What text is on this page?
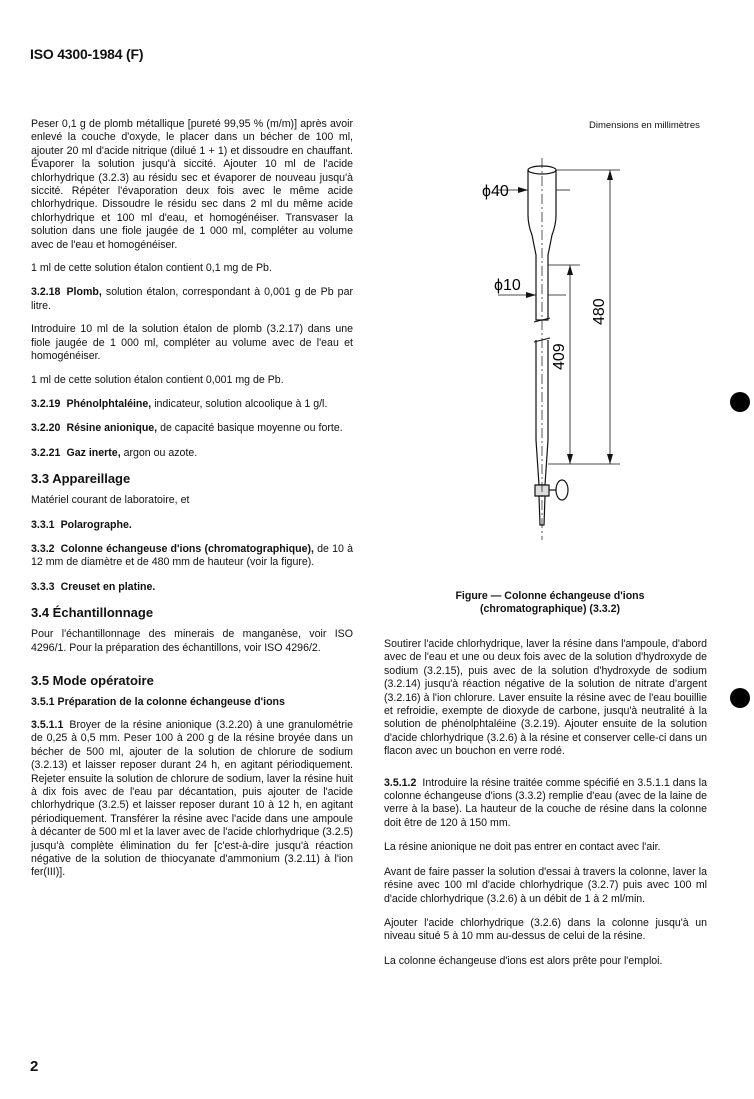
ISO 4300-1984 (F)

Peser 0,1 g de plomb métallique [pureté 99,95 % (m/m)] après avoir enlevé la couche d'oxyde, le placer dans un bécher de 100 ml, ajouter 20 ml d'acide nitrique (dilué 1 + 1) et dissoudre en chauffant. Évaporer la solution jusqu'à siccité. Ajouter 10 ml de l'acide chlorhydrique (3.2.3) au résidu sec et évaporer de nouveau jusqu'à siccité. Répéter l'évaporation deux fois avec le même acide chlorhydrique. Dissoudre le résidu sec dans 2 ml du même acide chlorhydrique et 100 ml d'eau, et homogénéiser. Transvaser la solution dans une fiole jaugée de 1 000 ml, compléter au volume avec de l'eau et homogénéiser.

1 ml de cette solution étalon contient 0,1 mg de Pb.

3.2.18 Plomb, solution étalon, correspondant à 0,001 g de Pb par litre.

Introduire 10 ml de la solution étalon de plomb (3.2.17) dans une fiole jaugée de 1 000 ml, compléter au volume avec de l'eau et homogénéiser.

1 ml de cette solution étalon contient 0,001 mg de Pb.

3.2.19 Phénolphtaléine, indicateur, solution alcoolique à 1 g/l.

3.2.20 Résine anionique, de capacité basique moyenne ou forte.

3.2.21 Gaz inerte, argon ou azote.

3.3 Appareillage

Matériel courant de laboratoire, et

3.3.1 Polarographe.

3.3.2 Colonne échangeuse d'ions (chromatographique), de 10 à 12 mm de diamètre et de 480 mm de hauteur (voir la figure).

3.3.3 Creuset en platine.

3.4 Échantillonnage

Pour l'échantillonnage des minerais de manganèse, voir ISO 4296/1. Pour la préparation des échantillons, voir ISO 4296/2.

3.5 Mode opératoire
3.5.1 Préparation de la colonne échangeuse d'ions

3.5.1.1 Broyer de la résine anionique (3.2.20) à une granulométrie de 0,25 à 0,5 mm. Peser 100 à 200 g de la résine broyée dans un bécher de 500 ml, ajouter de la solution de chlorure de sodium (3.2.13) et laisser reposer durant 24 h, en agitant périodiquement. Rejeter ensuite la solution de chlorure de sodium, laver la résine huit à dix fois avec de l'eau par décantation, puis ajouter de l'acide chlorhydrique (3.2.5) et laisser reposer durant 10 à 12 h, en agitant périodiquement. Transférer la résine avec l'acide dans une ampoule à décanter de 500 ml et la laver avec de l'acide chlorhydrique (3.2.5) jusqu'à complète élimination du fer [c'est-à-dire jusqu'à réaction négative de la solution de thiocyanate d'ammonium (3.2.11) à l'ion fer(III)].

Dimensions en millimètres
ϕ40
ϕ10
480
409
Figure — Colonne échangeuse d'ions
(chromatographique) (3.3.2)

Soutirer l'acide chlorhydrique, laver la résine dans l'ampoule, d'abord avec de l'eau et une ou deux fois avec de la solution d'hydroxyde de sodium (3.2.15), puis avec de la solution d'hydroxyde de sodium (3.2.14) jusqu'à réaction négative de la solution de nitrate d'argent (3.2.16) à l'ion chlorure. Laver ensuite la résine avec de l'eau bouillie et refroidie, exempte de dioxyde de carbone, jusqu'à neutralité à la solution de phénolphtaléine (3.2.19). Ajouter ensuite de la solution d'acide chlorhydrique (3.2.6) à la résine et conserver celle-ci dans un flacon avec un bouchon en verre rodé.

3.5.1.2 Introduire la résine traitée comme spécifié en 3.5.1.1 dans la colonne échangeuse d'ions (3.3.2) remplie d'eau (avec de la laine de verre à la base). La hauteur de la couche de résine dans la colonne doit être de 120 à 150 mm.

La résine anionique ne doit pas entrer en contact avec l'air.

Avant de faire passer la solution d'essai à travers la colonne, laver la résine avec 100 ml d'acide chlorhydrique (3.2.7) puis avec 100 ml d'acide chlorhydrique (3.2.6) à un débit de 1 à 2 ml/min.

Ajouter l'acide chlorhydrique (3.2.6) dans la colonne jusqu'à un niveau situé 5 à 10 mm au-dessus de celui de la résine.

La colonne échangeuse d'ions est alors prête pour l'emploi.

2
